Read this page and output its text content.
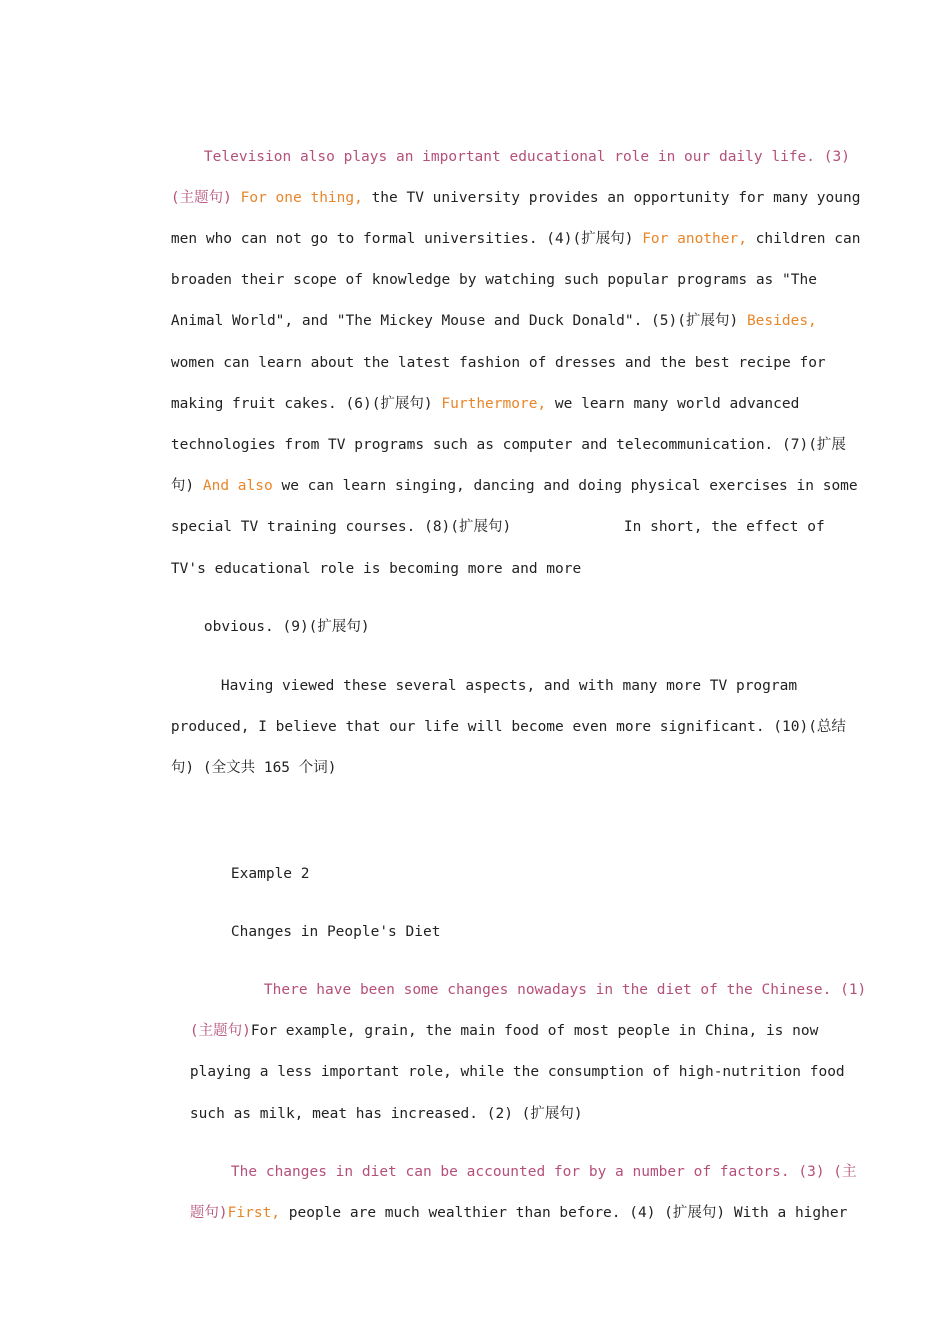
Television also plays an important educational role in our daily life. (3)

(主题句) For one thing, the TV university provides an opportunity for many young

men who can not go to formal universities. (4)(扩展句) For another, children can

broaden their scope of knowledge by watching such popular programs as "The

Animal World", and "The Mickey Mouse and Duck Donald". (5)(扩展句) Besides,

women can learn about the latest fashion of dresses and the best recipe for

making fruit cakes. (6)(扩展句) Furthermore, we learn many world advanced

technologies from TV programs such as computer and telecommunication. (7)(扩展

句) And also we can learn singing, dancing and doing physical exercises in some

special TV training courses. (8)(扩展句)
	In short, the effect of

TV's educational role is becoming more and more

obvious. (9)(扩展句)

Having viewed these several aspects, and with many more TV program

produced, I believe that our life will become even more significant. (10)(总结

句) (全文共 165 个词)

Example 2

Changes in People's Diet

There have been some changes nowadays in the diet of the Chinese. (1)

(主题句)For example, grain, the main food of most people in China, is now

playing a less important role, while the consumption of high-nutrition food

such as milk, meat has increased. (2) (扩展句)

The changes in diet can be accounted for by a number of factors. (3) (主

题句)First, people are much wealthier than before. (4) (扩展句) With a higher
